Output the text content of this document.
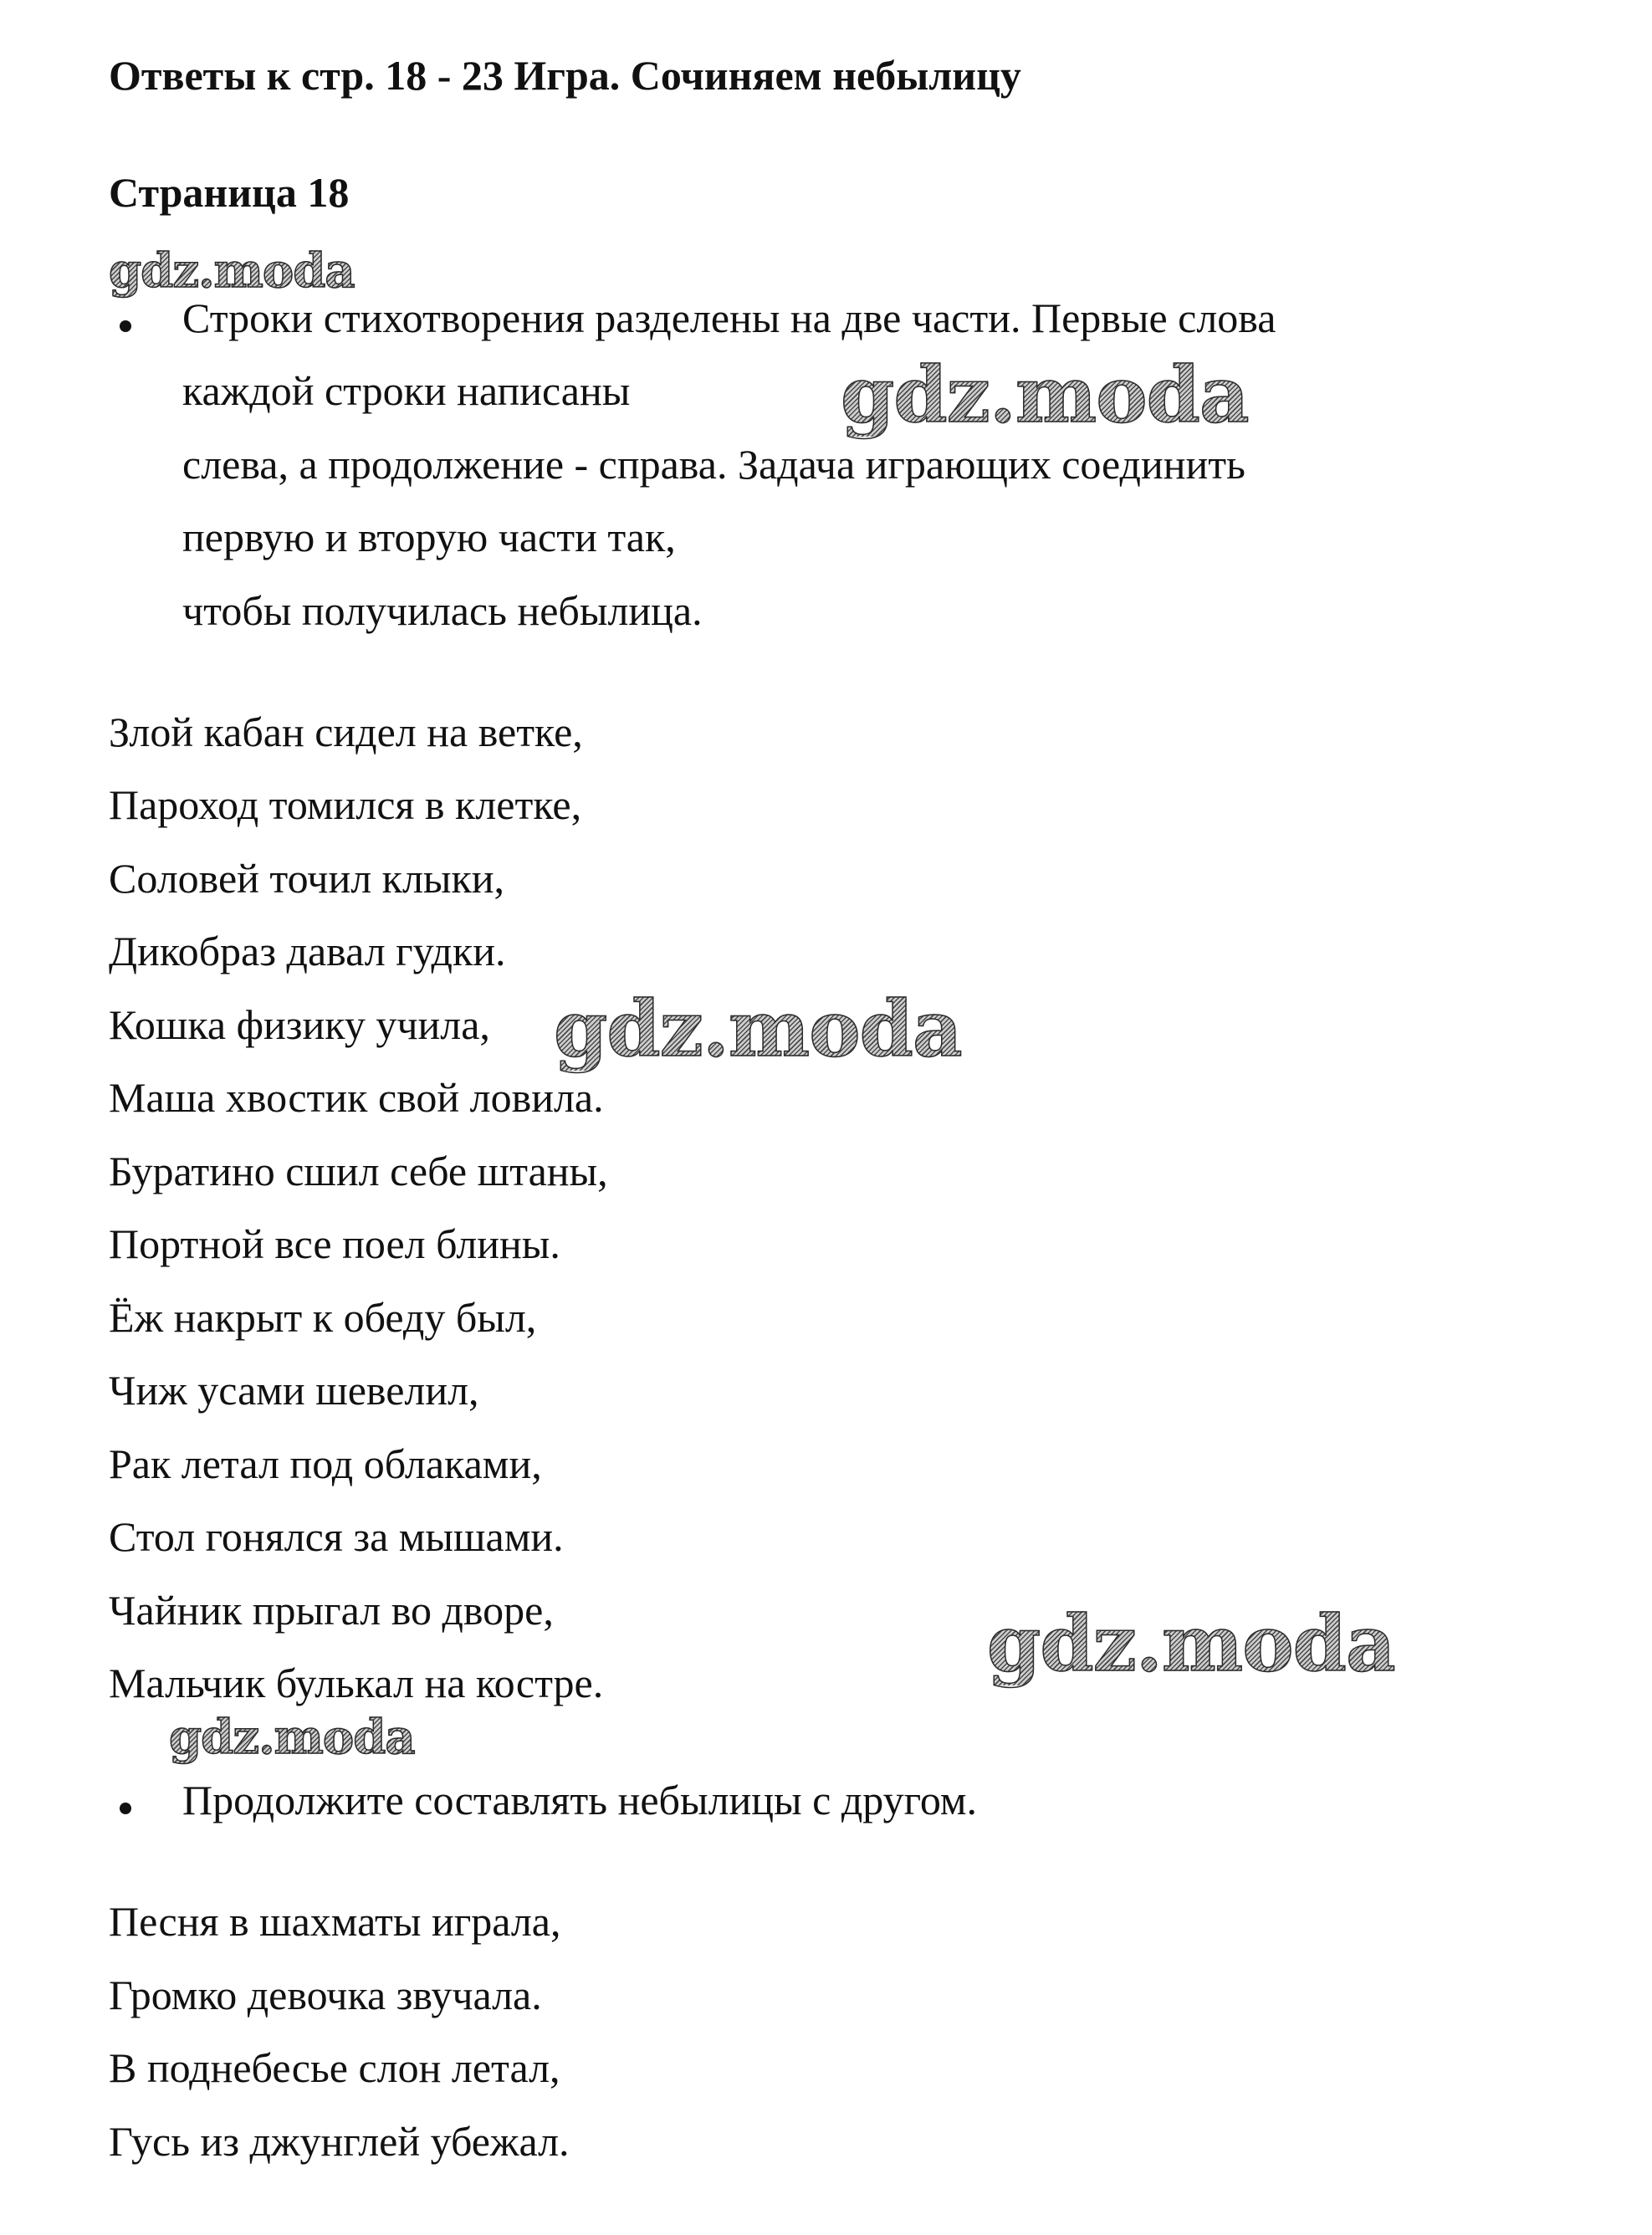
Ответы к стр. 18 - 23 Игра. Сочиняем небылицу
Страница 18
gdz.moda
gdz.moda
gdz.moda
gdz.moda
gdz.moda
Строки стихотворения разделены на две части. Первые слова
каждой строки написаны
слева, а продолжение - справа. Задача играющих соединить
первую и вторую части так,
чтобы получилась небылица.
Злой кабан сидел на ветке,
Пароход томился в клетке,
Соловей точил клыки,
Дикобраз давал гудки.
Кошка физику учила,
Маша хвостик свой ловила.
Буратино сшил себе штаны,
Портной все поел блины.
Ёж накрыт к обеду был,
Чиж усами шевелил,
Рак летал под облаками,
Стол гонялся за мышами.
Чайник прыгал во дворе,
Мальчик булькал на костре.
Продолжите составлять небылицы с другом.
Песня в шахматы играла,
Громко девочка звучала.
В поднебесье слон летал,
Гусь из джунглей убежал.
